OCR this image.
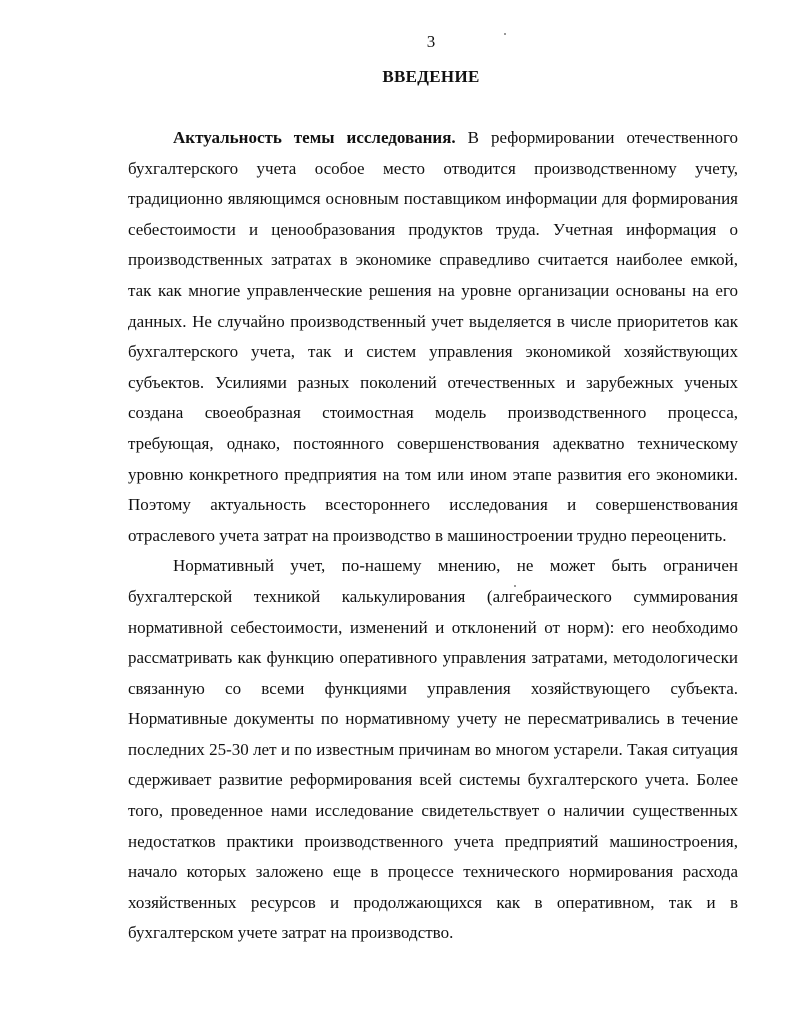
3
ВВЕДЕНИЕ

Актуальность темы исследования. В реформировании отечественного бухгалтерского учета особое место отводится производственному учету, традиционно являющимся основным поставщиком информации для формирования себестоимости и ценообразования продуктов труда. Учетная информация о производственных затратах в экономике справедливо считается наиболее емкой, так как многие управленческие решения на уровне организации основаны на его данных. Не случайно производственный учет выделяется в числе приоритетов как бухгалтерского учета, так и систем управления экономикой хозяйствующих субъектов. Усилиями разных поколений отечественных и зарубежных ученых создана своеобразная стоимостная модель производственного процесса, требующая, однако, постоянного совершенствования адекватно техническому уровню конкретного предприятия на том или ином этапе развития его экономики. Поэтому актуальность всестороннего исследования и совершенствования отраслевого учета затрат на производство в машиностроении трудно переоценить.

Нормативный учет, по-нашему мнению, не может быть ограничен бухгалтерской техникой калькулирования (алгебраического суммирования нормативной себестоимости, изменений и отклонений от норм): его необходимо рассматривать как функцию оперативного управления затратами, методологически связанную со всеми функциями управления хозяйствующего субъекта. Нормативные документы по нормативному учету не пересматривались в течение последних 25-30 лет и по известным причинам во многом устарели. Такая ситуация сдерживает развитие реформирования всей системы бухгалтерского учета. Более того, проведенное нами исследование свидетельствует о наличии существенных недостатков практики производственного учета предприятий машиностроения, начало которых заложено еще в процессе технического нормирования расхода хозяйственных ресурсов и продолжающихся как в оперативном, так и в бухгалтерском учете затрат на производство.
